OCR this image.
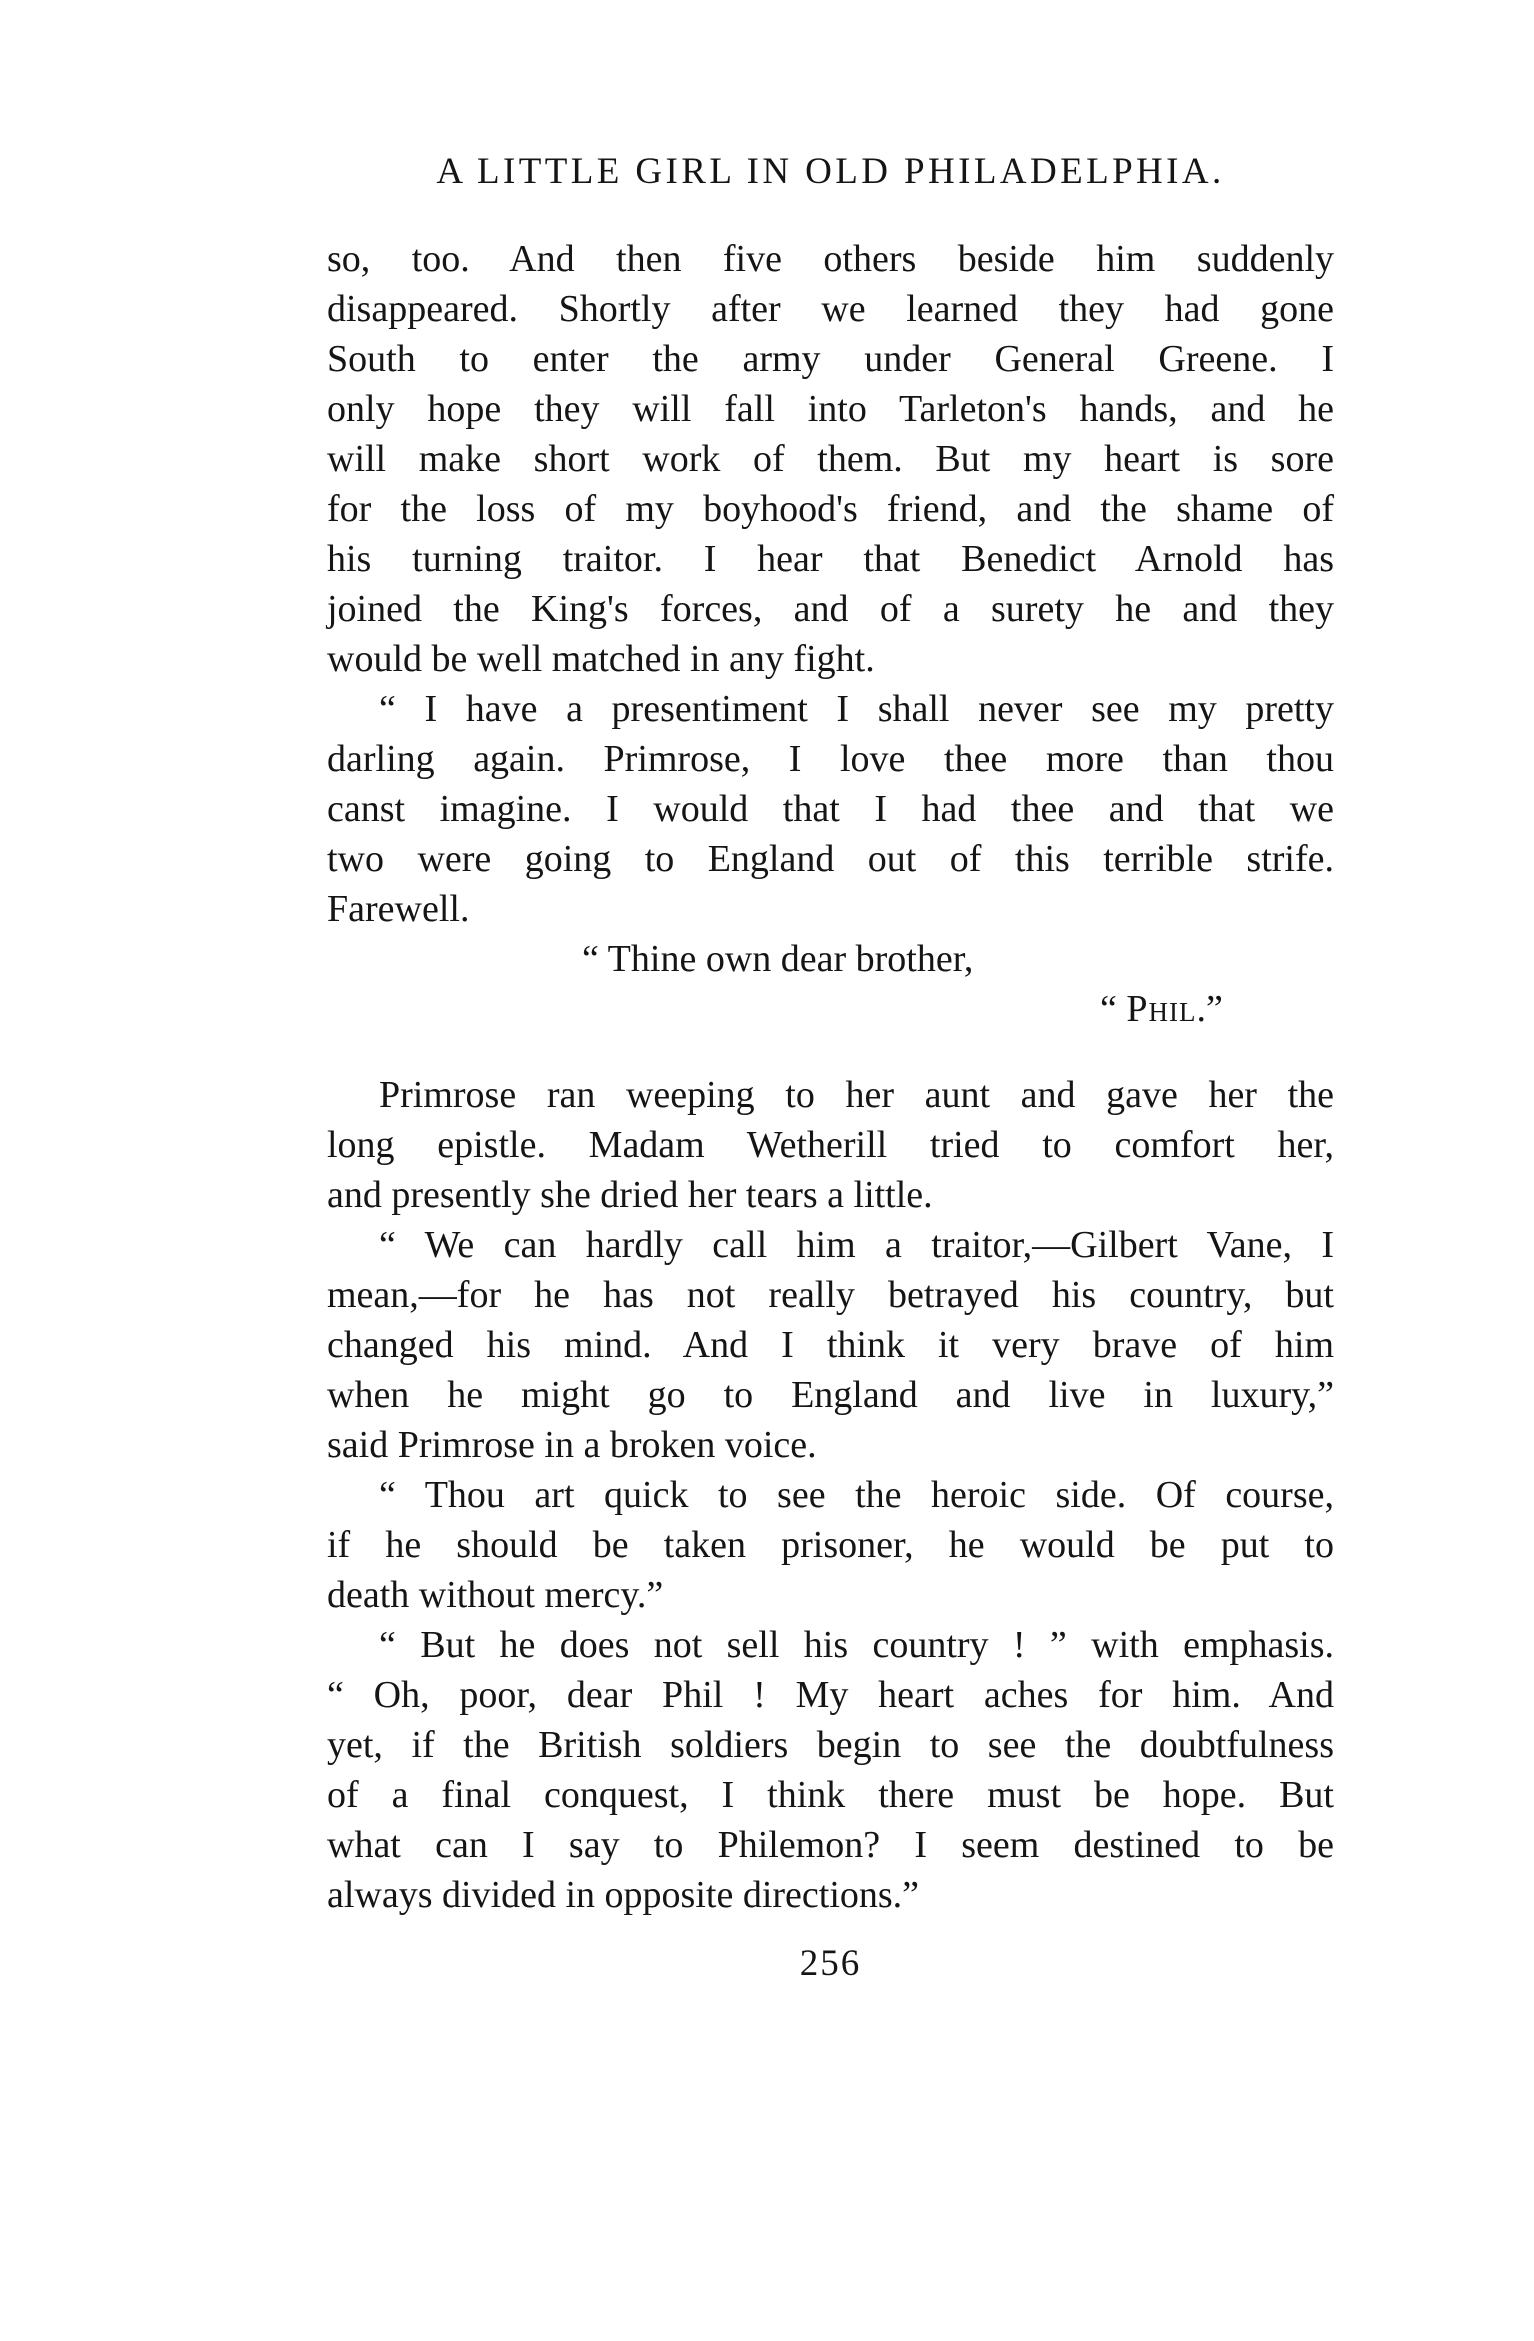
A LITTLE GIRL IN OLD PHILADELPHIA.
so, too. And then five others beside him suddenly
disappeared. Shortly after we learned they had gone
South to enter the army under General Greene. I
only hope they will fall into Tarleton's hands, and he
will make short work of them. But my heart is sore
for the loss of my boyhood's friend, and the shame of
his turning traitor. I hear that Benedict Arnold has
joined the King's forces, and of a surety he and they
would be well matched in any fight.
“ I have a presentiment I shall never see my pretty
darling again. Primrose, I love thee more than thou
canst imagine. I would that I had thee and that we
two were going to England out of this terrible strife.
Farewell.
“ Thine own dear brother,
“ Phil.”
Primrose ran weeping to her aunt and gave her the
long epistle. Madam Wetherill tried to comfort her,
and presently she dried her tears a little.
“ We can hardly call him a traitor,—Gilbert Vane, I
mean,—for he has not really betrayed his country, but
changed his mind. And I think it very brave of him
when he might go to England and live in luxury,”
said Primrose in a broken voice.
“ Thou art quick to see the heroic side. Of course,
if he should be taken prisoner, he would be put to
death without mercy.”
“ But he does not sell his country ! ” with emphasis.
“ Oh, poor, dear Phil ! My heart aches for him. And
yet, if the British soldiers begin to see the doubtfulness
of a final conquest, I think there must be hope. But
what can I say to Philemon? I seem destined to be
always divided in opposite directions.”
256
